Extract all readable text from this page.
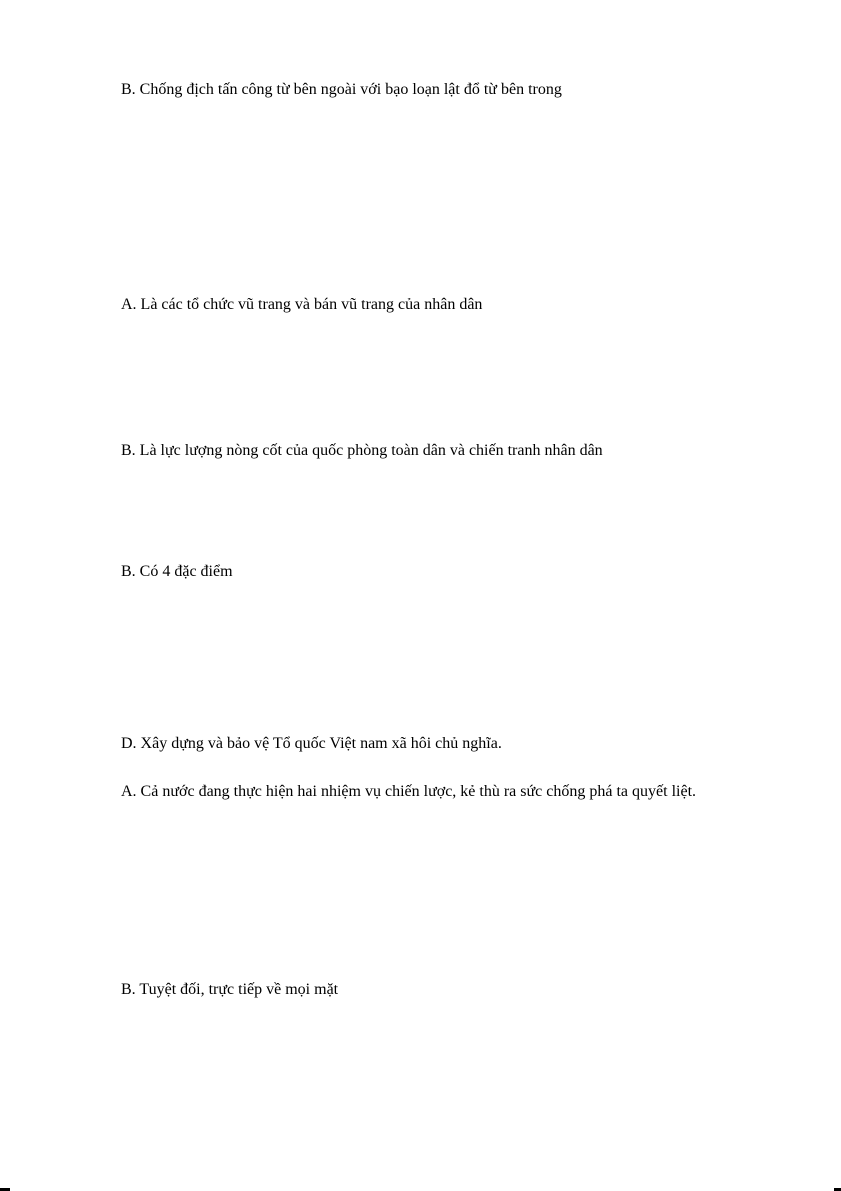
B. Chống địch tấn công từ bên ngoài với bạo loạn lật đổ từ bên trong
A. Là các tổ chức vũ trang và bán vũ trang của nhân dân
B. Là lực lượng nòng cốt của quốc phòng toàn dân và chiến tranh nhân dân
B. Có 4 đặc điểm
D. Xây dựng và bảo vệ Tổ quốc Việt nam xã hôi chủ nghĩa.
A. Cả nước đang thực hiện hai nhiệm vụ chiến lược, kẻ thù ra sức chống phá ta quyết liệt.
B. Tuyệt đối, trực tiếp về mọi mặt
